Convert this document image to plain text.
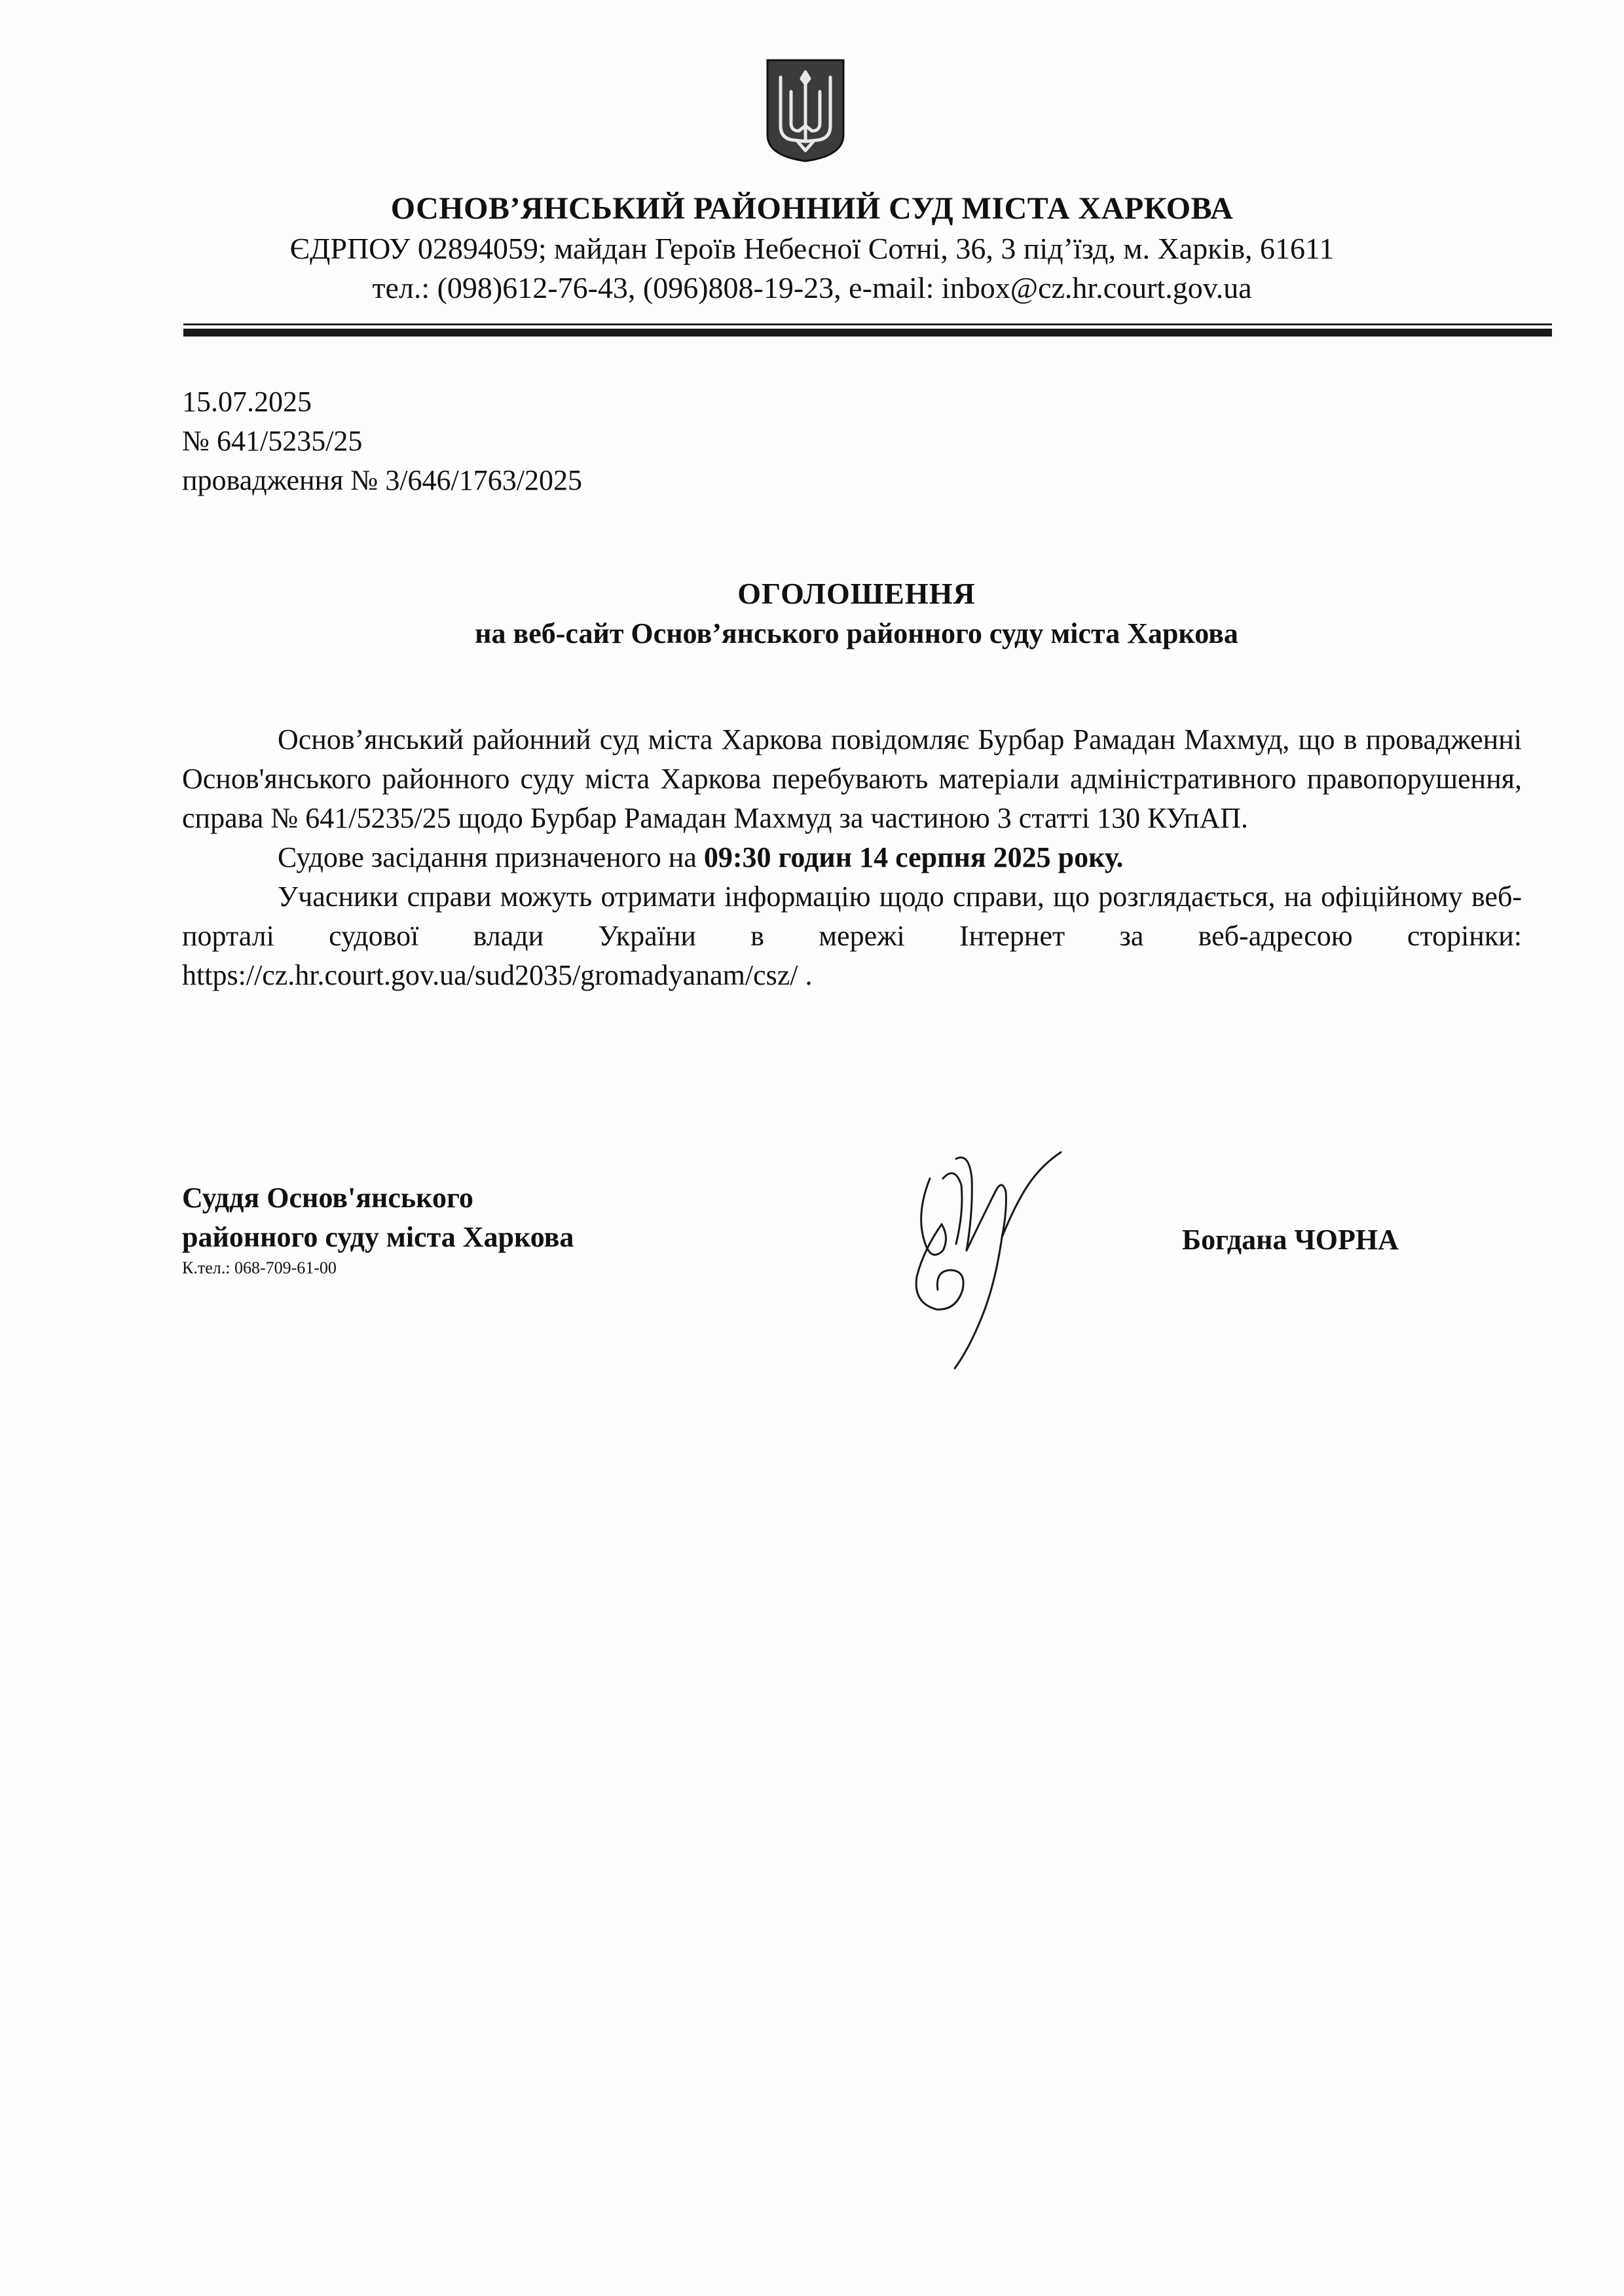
ОСНОВ’ЯНСЬКИЙ РАЙОННИЙ СУД МІСТА ХАРКОВА
ЄДРПОУ 02894059; майдан Героїв Небесної Сотні, 36, 3 під’їзд, м. Харків, 61611
тел.: (098)612-76-43, (096)808-19-23, e-mail: inbox@cz.hr.court.gov.ua
15.07.2025
№ 641/5235/25
провадження № 3/646/1763/2025
ОГОЛОШЕННЯ
на веб-сайт Основ’янського районного суду міста Харкова

Основ’янський районний суд міста Харкова повідомляє Бурбар Рамадан Махмуд, що в провадженні Основ'янського районного суду міста Харкова перебувають матеріали адміністративного правопорушення, справа № 641/5235/25 щодо Бурбар Рамадан Махмуд за частиною 3 статті 130 КУпАП.

Судове засідання призначеного на 09:30 годин 14 серпня 2025 року.

Учасники справи можуть отримати інформацію щодо справи, що розглядається, на офіційному веб-порталі судової влади України в мережі Інтернет за веб-адресою сторінки: https://cz.hr.court.gov.ua/sud2035/gromadyanam/csz/ .

Суддя Основ'янського
районного суду міста Харкова
К.тел.: 068-709-61-00
Богдана ЧОРНА
